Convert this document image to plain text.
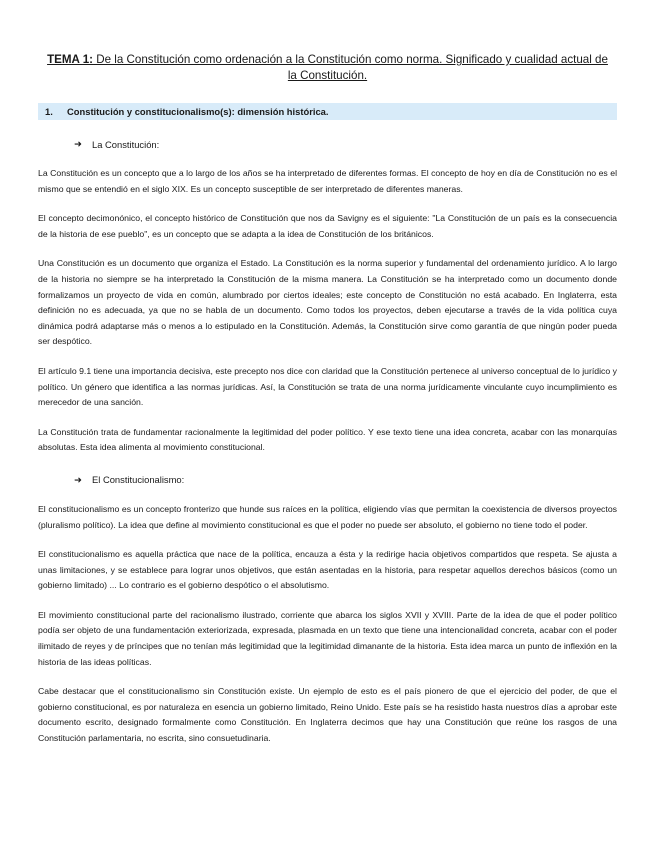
TEMA 1: De la Constitución como ordenación a la Constitución como norma. Significado y cualidad actual de la Constitución.
1.	Constitución y constitucionalismo(s): dimensión histórica.
➜	La Constitución:

La Constitución es un concepto que a lo largo de los años se ha interpretado de diferentes formas. El concepto de hoy en día de Constitución no es el mismo que se entendió en el siglo XIX. Es un concepto susceptible de ser interpretado de diferentes maneras.

El concepto decimonónico, el concepto histórico de Constitución que nos da Savigny es el siguiente: "La Constitución de un país es la consecuencia de la historia de ese pueblo", es un concepto que se adapta a la idea de Constitución de los británicos.

Una Constitución es un documento que organiza el Estado. La Constitución es la norma superior y fundamental del ordenamiento jurídico. A lo largo de la historia no siempre se ha interpretado la Constitución de la misma manera. La Constitución se ha interpretado como un documento donde formalizamos un proyecto de vida en común, alumbrado por ciertos ideales; este concepto de Constitución no está acabado. En Inglaterra, esta definición no es adecuada, ya que no se habla de un documento. Como todos los proyectos, deben ejecutarse a través de la vida política cuya dinámica podrá adaptarse más o menos a lo estipulado en la Constitución. Además, la Constitución sirve como garantía de que ningún poder pueda ser despótico.

El artículo 9.1 tiene una importancia decisiva, este precepto nos dice con claridad que la Constitución pertenece al universo conceptual de lo jurídico y político. Un género que identifica a las normas jurídicas. Así, la Constitución se trata de una norma jurídicamente vinculante cuyo incumplimiento es merecedor de una sanción.

La Constitución trata de fundamentar racionalmente la legitimidad del poder político. Y ese texto tiene una idea concreta, acabar con las monarquías absolutas. Esta idea alimenta al movimiento constitucional.

➜	El Constitucionalismo:

El constitucionalismo es un concepto fronterizo que hunde sus raíces en la política, eligiendo vías que permitan la coexistencia de diversos proyectos (pluralismo político). La idea que define al movimiento constitucional es que el poder no puede ser absoluto, el gobierno no tiene todo el poder.

El constitucionalismo es aquella práctica que nace de la política, encauza a ésta y la redirige hacia objetivos compartidos que respeta. Se ajusta a unas limitaciones, y se establece para lograr unos objetivos, que están asentadas en la historia, para respetar aquellos derechos básicos (como un gobierno limitado) ... Lo contrario es el gobierno despótico o el absolutismo.

El movimiento constitucional parte del racionalismo ilustrado, corriente que abarca los siglos XVII y XVIII. Parte de la idea de que el poder político podía ser objeto de una fundamentación exteriorizada, expresada, plasmada en un texto que tiene una intencionalidad concreta, acabar con el poder ilimitado de reyes y de príncipes que no tenían más legitimidad que la legitimidad dimanante de la historia. Esta idea marca un punto de inflexión en la historia de las ideas políticas.

Cabe destacar que el constitucionalismo sin Constitución existe. Un ejemplo de esto es el país pionero de que el ejercicio del poder, de que el gobierno constitucional, es por naturaleza en esencia un gobierno limitado, Reino Unido. Este país se ha resistido hasta nuestros días a aprobar este documento escrito, designado formalmente como Constitución. En Inglaterra decimos que hay una Constitución que reúne los rasgos de una Constitución parlamentaria, no escrita, sino consuetudinaria.
